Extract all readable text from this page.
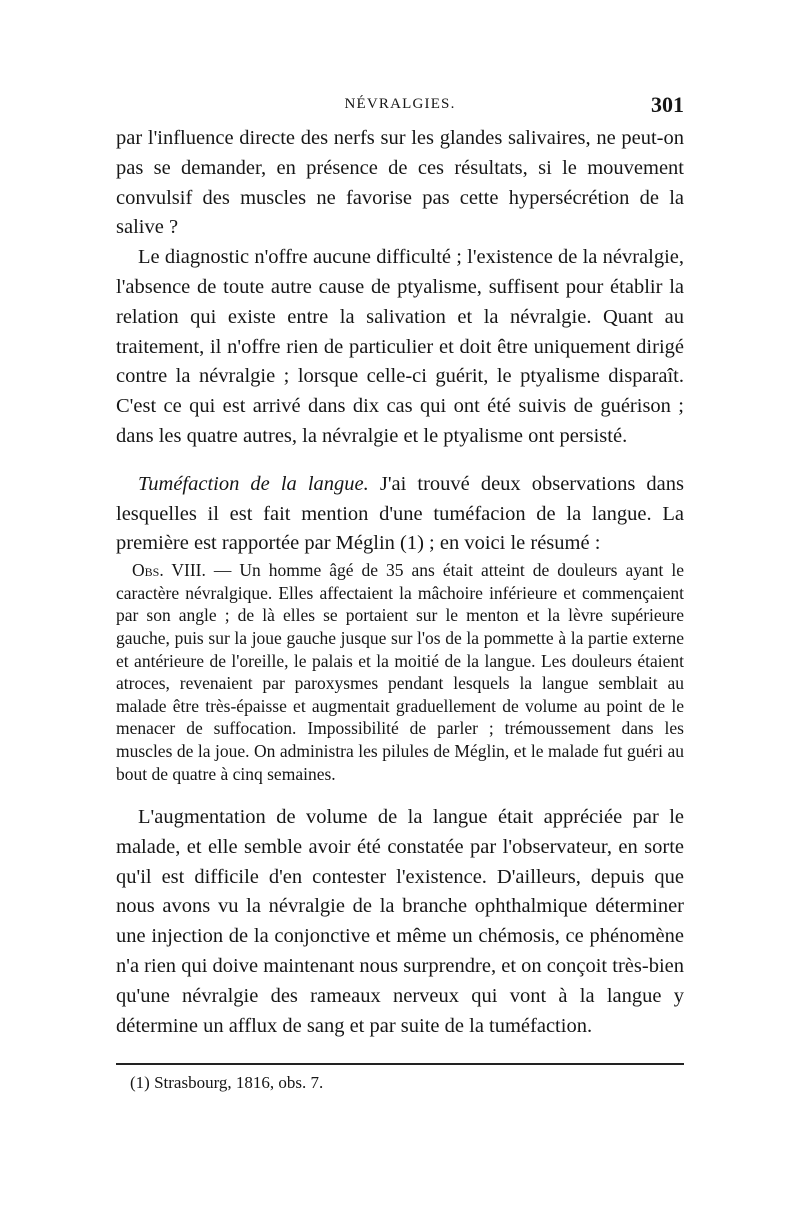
NÉVRALGIES.	301

par l'influence directe des nerfs sur les glandes salivaires, ne peut-on pas se demander, en présence de ces résultats, si le mouvement convulsif des muscles ne favorise pas cette hypersécrétion de la salive ?

Le diagnostic n'offre aucune difficulté ; l'existence de la névralgie, l'absence de toute autre cause de ptyalisme, suffisent pour établir la relation qui existe entre la salivation et la névralgie. Quant au traitement, il n'offre rien de particulier et doit être uniquement dirigé contre la névralgie ; lorsque celle-ci guérit, le ptyalisme disparaît. C'est ce qui est arrivé dans dix cas qui ont été suivis de guérison ; dans les quatre autres, la névralgie et le ptyalisme ont persisté.

Tuméfaction de la langue. J'ai trouvé deux observations dans lesquelles il est fait mention d'une tuméfacion de la langue. La première est rapportée par Méglin (1) ; en voici le résumé :

Obs. VIII. — Un homme âgé de 35 ans était atteint de douleurs ayant le caractère névralgique. Elles affectaient la mâchoire inférieure et commençaient par son angle ; de là elles se portaient sur le menton et la lèvre supérieure gauche, puis sur la joue gauche jusque sur l'os de la pommette à la partie externe et antérieure de l'oreille, le palais et la moitié de la langue. Les douleurs étaient atroces, revenaient par paroxysmes pendant lesquels la langue semblait au malade être très-épaisse et augmentait graduellement de volume au point de le menacer de suffocation. Impossibilité de parler ; trémoussement dans les muscles de la joue. On administra les pilules de Méglin, et le malade fut guéri au bout de quatre à cinq semaines.

L'augmentation de volume de la langue était appréciée par le malade, et elle semble avoir été constatée par l'observateur, en sorte qu'il est difficile d'en contester l'existence. D'ailleurs, depuis que nous avons vu la névralgie de la branche ophthalmique déterminer une injection de la conjonctive et même un chémosis, ce phénomène n'a rien qui doive maintenant nous surprendre, et on conçoit très-bien qu'une névralgie des rameaux nerveux qui vont à la langue y détermine un afflux de sang et par suite de la tuméfaction.

(1) Strasbourg, 1816, obs. 7.
